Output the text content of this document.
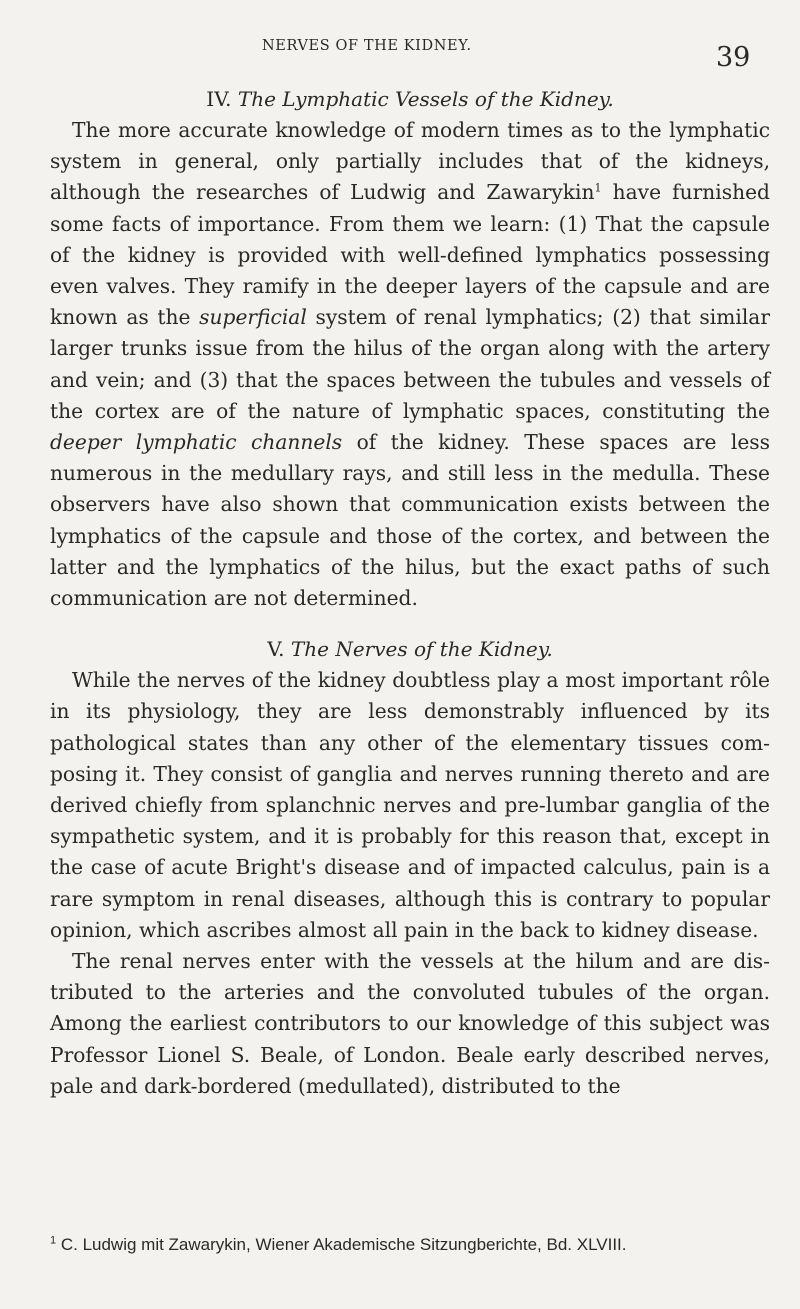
NERVES OF THE KIDNEY.	39

IV. The Lymphatic Vessels of the Kidney.

The more accurate knowledge of modern times as to the lymphatic system in general, only partially includes that of the kidneys, although the researches of Ludwig and Zawarykin$^1$ have furnished some facts of importance. From them we learn: (1) That the capsule of the kidney is provided with well-defined lymphatics possessing even valves. They ramify in the deeper layers of the capsule and are known as the superficial system of renal lymphatics; (2) that similar larger trunks issue from the hilus of the organ along with the artery and vein; and (3) that the spaces between the tubules and vessels of the cortex are of the nature of lymphatic spaces, constituting the deeper lymphatic channels of the kidney. These spaces are less numerous in the medullary rays, and still less in the medulla. These observers have also shown that communication exists between the lymphatics of the capsule and those of the cortex, and between the latter and the lymphatics of the hilus, but the exact paths of such communication are not determined.

V. The Nerves of the Kidney.

While the nerves of the kidney doubtless play a most important rôle in its physiology, they are less demonstrably influenced by its pathological states than any other of the elementary tissues composing it. They consist of ganglia and nerves running thereto and are derived chiefly from splanchnic nerves and pre-lumbar ganglia of the sympathetic system, and it is probably for this reason that, except in the case of acute Bright's disease and of impacted calculus, pain is a rare symptom in renal diseases, although this is contrary to popular opinion, which ascribes almost all pain in the back to kidney disease.

The renal nerves enter with the vessels at the hilum and are distributed to the arteries and the convoluted tubules of the organ. Among the earliest contributors to our knowledge of this subject was Professor Lionel S. Beale, of London. Beale early described nerves, pale and dark-bordered (medullated), distributed to the

$^1$ C. Ludwig mit Zawarykin, Wiener Akademische Sitzungberichte, Bd. XLVIII.
